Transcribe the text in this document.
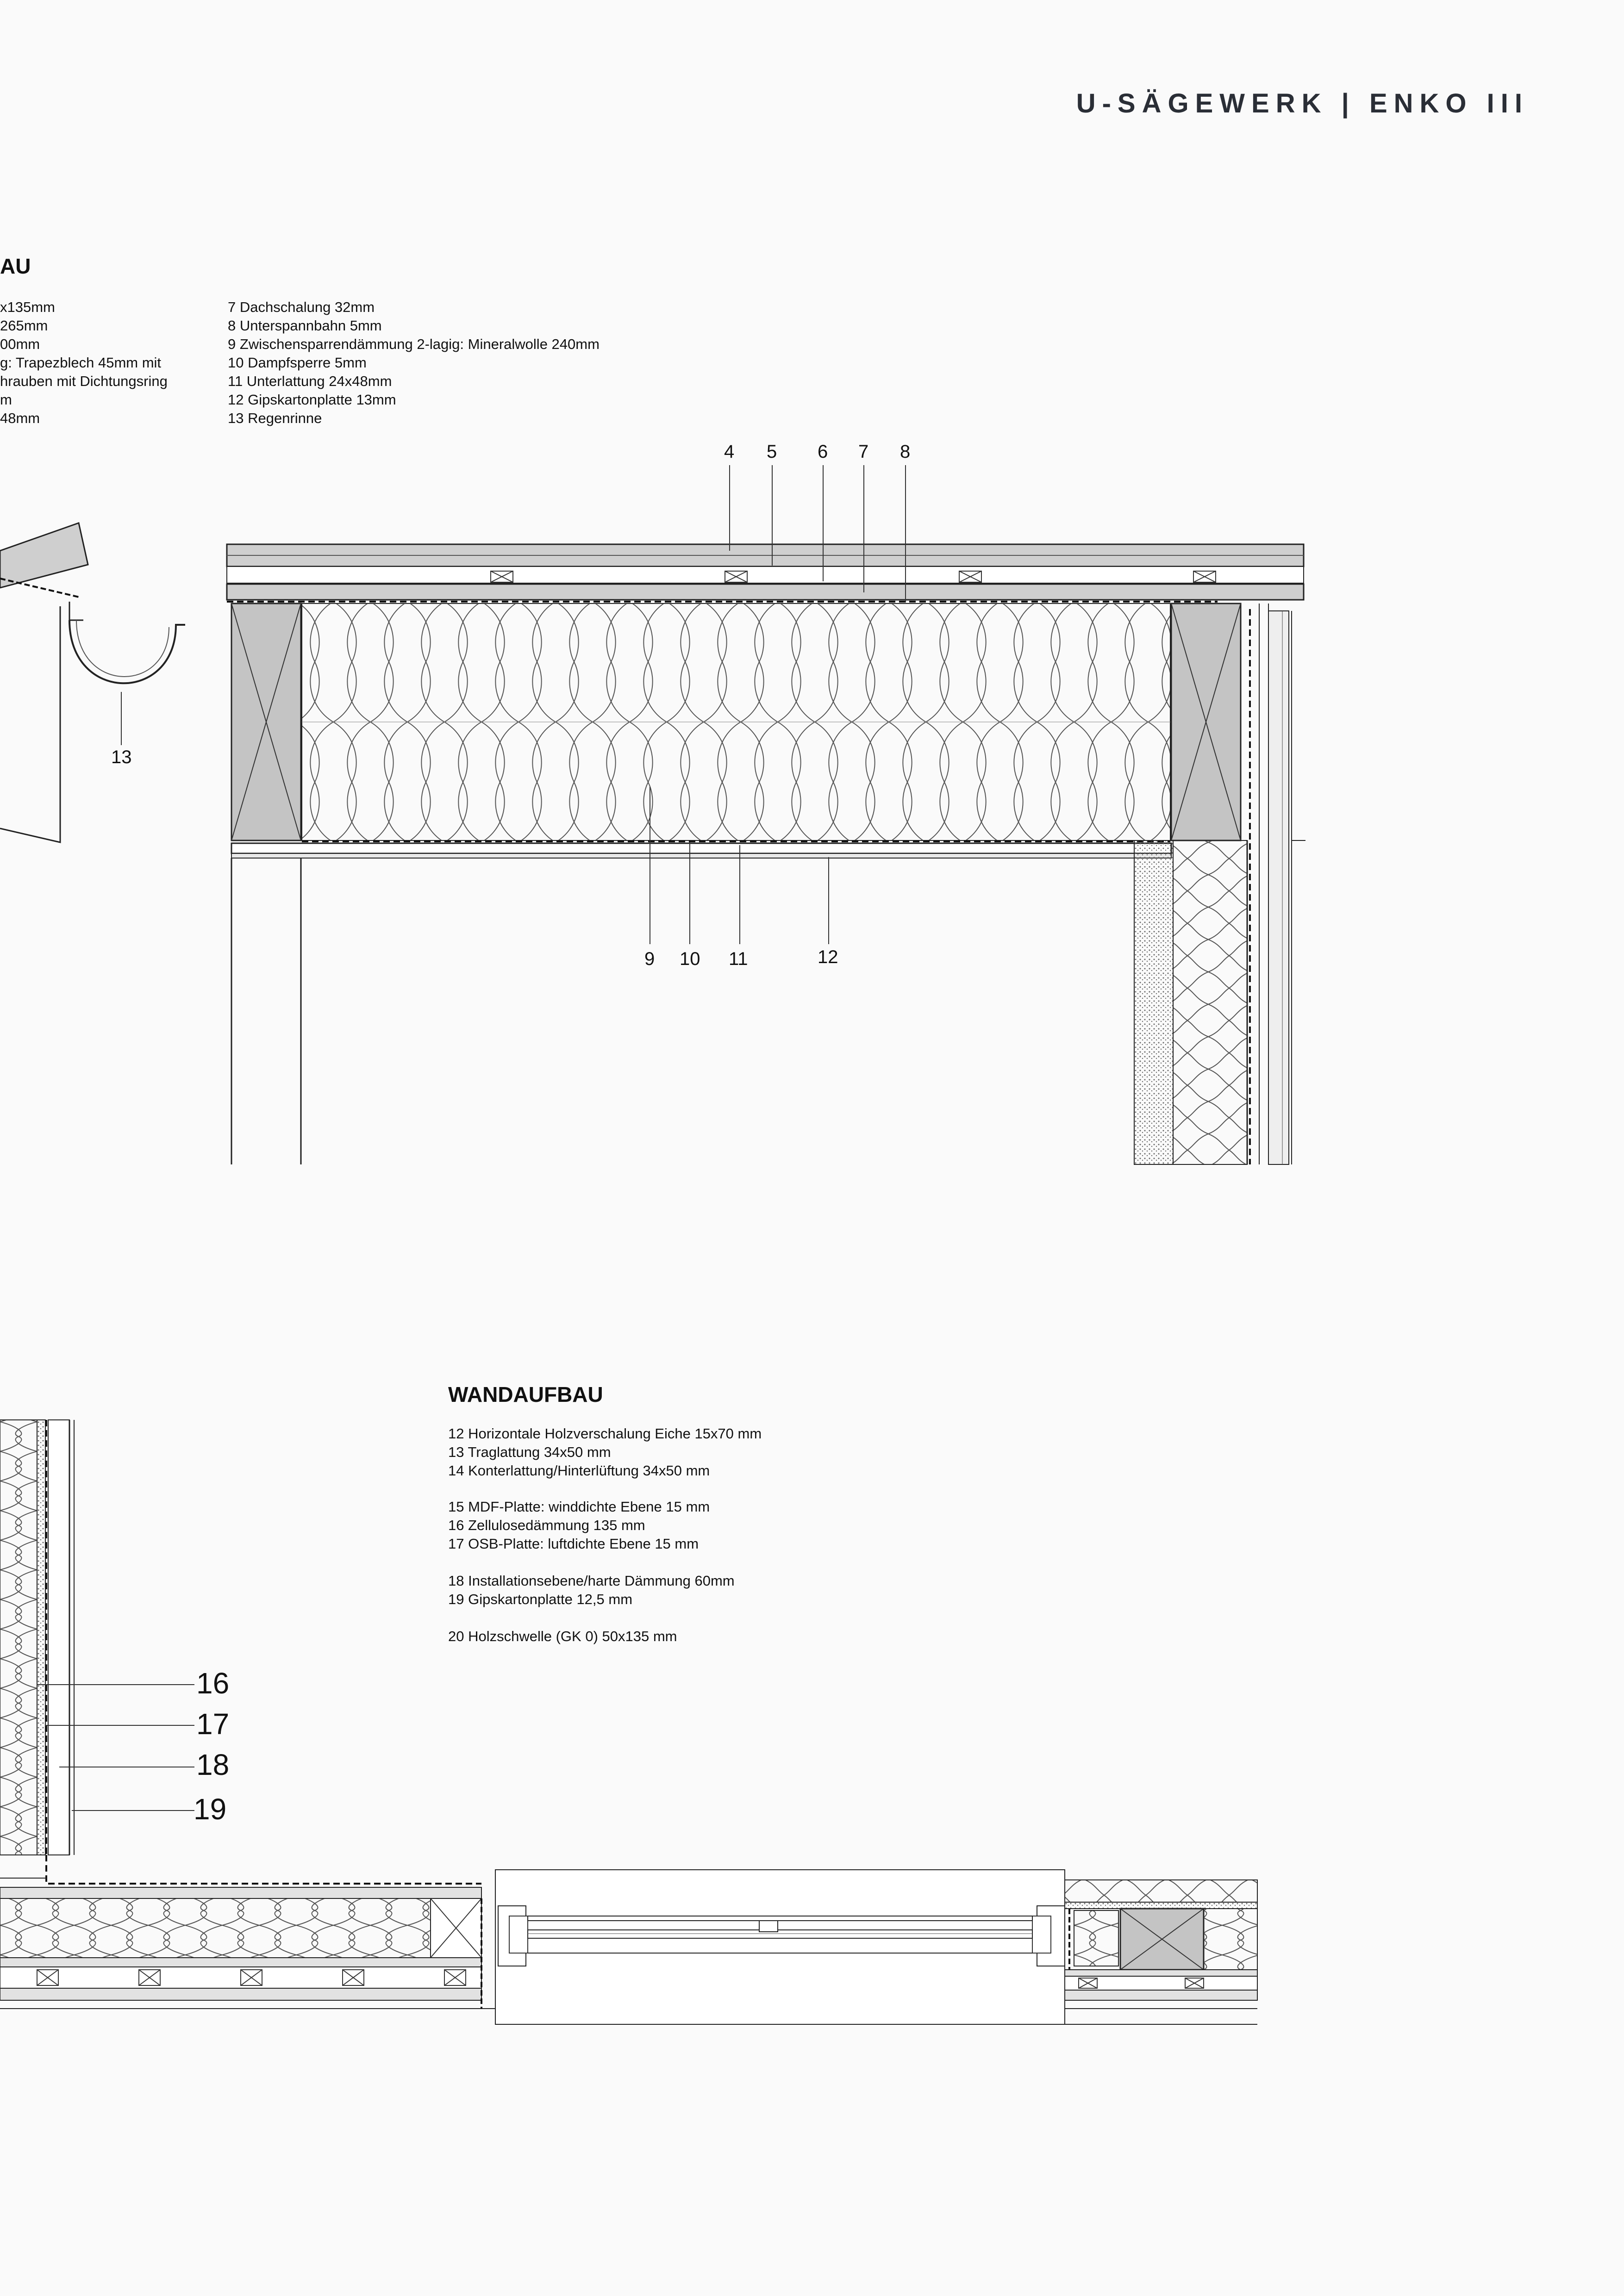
U-SÄGEWERK | ENKO III
AU
x135mm
265mm
00mm
g: Trapezblech 45mm mit
hrauben mit Dichtungsring
m
48mm
7 Dachschalung 32mm
8 Unterspannbahn 5mm
9 Zwischensparrendämmung 2-lagig: Mineralwolle 240mm
10 Dampfsperre 5mm
11 Unterlattung 24x48mm
12 Gipskartonplatte 13mm
13 Regenrinne
4 5 6 7 8
9 10 11	12
13
WANDAUFBAU
12 Horizontale Holzverschalung Eiche 15x70 mm
13 Traglattung 34x50 mm
14 Konterlattung/Hinterlüftung 34x50 mm
15 MDF-Platte: winddichte Ebene 15 mm
16 Zellulosedämmung 135 mm
17 OSB-Platte: luftdichte Ebene 15 mm
18 Installationsebene/harte Dämmung 60mm
19 Gipskartonplatte 12,5 mm
20 Holzschwelle (GK 0) 50x135 mm
16
17
18
19
